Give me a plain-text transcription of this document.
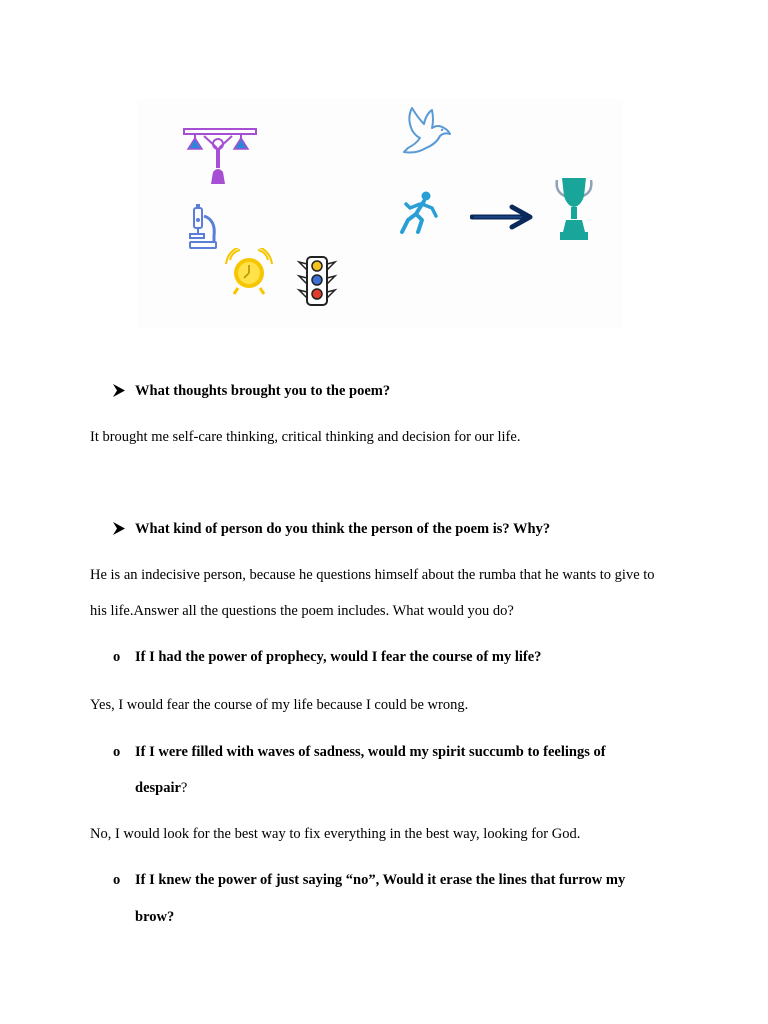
What thoughts brought you to the poem?
It brought me self-care thinking, critical thinking and decision for our life.
What kind of person do you think the person of the poem is? Why?
He is an indecisive person, because he questions himself about the rumba that he wants to give to
his life.Answer all the questions the poem includes. What would you do?
o If I had the power of prophecy, would I fear the course of my life?
Yes, I would fear the course of my life because I could be wrong.
o If I were filled with waves of sadness, would my spirit succumb to feelings of
despair?
No, I would look for the best way to fix everything in the best way, looking for God.
o If I knew the power of just saying “no”, Would it erase the lines that furrow my
brow?
